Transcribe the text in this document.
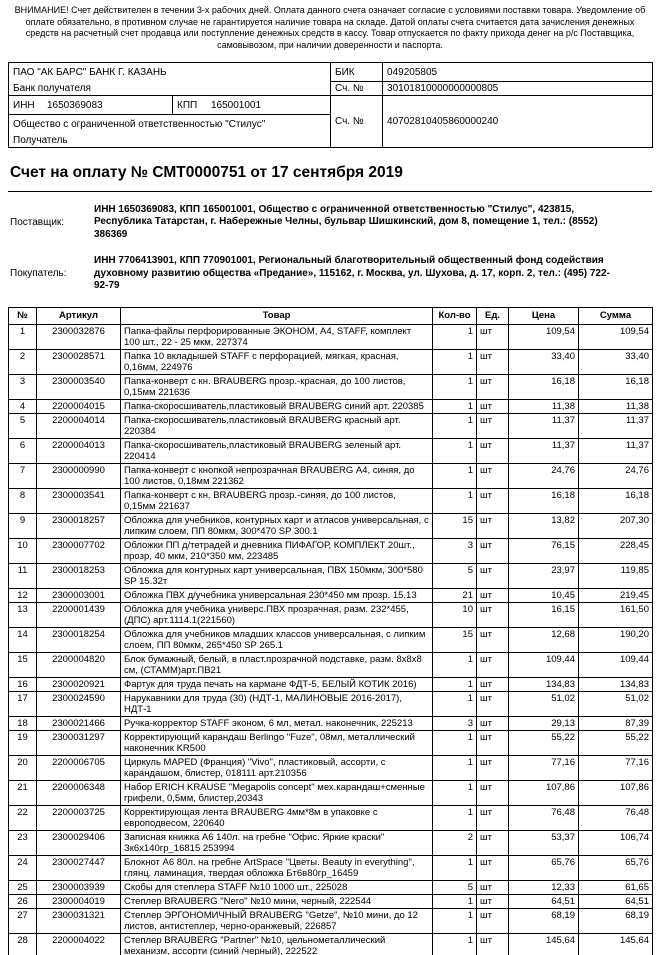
ВНИМАНИЕ! Счет действителен в течении 3-х рабочих дней. Оплата данного счета означает согласие с условиями поставки товара. Уведомление об оплате обязательно, в противном случае не гарантируется наличие товара на складе. Датой оплаты счета считается дата зачисления денежных средств на расчетный счет продавца или поступление денежных средств в кассу. Товар отпускается по факту прихода денег на р/с Поставщика, самовывозом, при наличии доверенности и паспорта.

ПАО "АК БАРС" БАНК Г. КАЗАНЬ		БИК	049205805
Банк получателя		Сч. №	30101810000000000805
ИНН 1650369083	КПП 165001001	Сч. №	40702810405860000240
Общество с ограниченной ответственностью "Стилус"			
Получатель			
Счет на оплату № СМТ0000751 от 17 сентября 2019
Поставщик:
ИНН 1650369083, КПП 165001001, Общество с ограниченной ответственностью "Стилус", 423815, Республика Татарстан, г. Набережные Челны, бульвар Шишкинский, дом 8, помещение 1, тел.: (8552) 386369
Покупатель:
ИНН 7706413901, КПП 770901001, Региональный благотворительный общественный фонд содействия духовному развитию общества «Предание», 115162, г. Москва, ул. Шухова, д. 17, корп. 2, тел.: (495) 722-92-79
№	Артикул	Товар	Кол-во	Ед.	Цена	Сумма
1	2300032876	Папка-файлы перфорированные ЭКОНОМ, А4, STAFF, комплект 100 шт., 22 - 25 мкм, 227374	1	шт	109,54	109,54
2	2300028571	Папка 10 вкладышей STAFF с перфорацией, мягкая, красная, 0,16мм, 224976	1	шт	33,40	33,40
3	2300003540	Папка-конверт с кн. BRAUBERG прозр.-красная, до 100 листов, 0,15мм 221636	1	шт	16,18	16,18
4	2200004015	Папка-скоросшиватель,пластиковый BRAUBERG синий арт. 220385	1	шт	11,38	11,38
5	2200004014	Папка-скоросшиватель,пластиковый BRAUBERG красный арт. 220384	1	шт	11,37	11,37
6	2200004013	Папка-скоросшиватель,пластиковый BRAUBERG зеленый арт. 220414	1	шт	11,37	11,37
7	2300000990	Папка-конверт с кнопкой непрозрачная BRAUBERG А4, синяя, до 100 листов, 0,18мм 221362	1	шт	24,76	24,76
8	2300003541	Папка-конверт с кн. BRAUBERG прозр.-синяя, до 100 листов, 0,15мм 221637	1	шт	16,18	16,18
9	2300018257	Обложка для учебников, контурных карт и атласов универсальная, с липким слоем, ПП 80мкм, 300*470 SP 300.1	15	шт	13,82	207,30
10	2300007702	Обложки ПП д/тетрадей и дневника ПИФАГОР, КОМПЛЕКТ 20шт., прозр, 40 мкм, 210*350 мм, 223485	3	шт	76,15	228,45
11	2300018253	Обложка для контурных карт универсальная, ПВХ 150мкм, 300*580 SP 15.32т	5	шт	23,97	119,85
12	2300003001	Обложка ПВХ д/учебника универсальная 230*450 мм прозр. 15.13	21	шт	10,45	219,45
13	2200001439	Обложка для учебника универс.ПВХ прозрачная, разм. 232*455, (ДПС) арт.1114.1(221560)	10	шт	16,15	161,50
14	2300018254	Обложка для учебников младших классов универсальная, с липким слоем, ПП 80мкм, 265*450 SP 265.1	15	шт	12,68	190,20
15	2200004820	Блок бумажный, белый, в пласт.прозрачной подставке, разм. 8х8х8 см, (СТАММ)арт.ПВ21	1	шт	109,44	109,44
16	2300020921	Фартук для труда печать на кармане ФДТ-5, БЕЛЫЙ КОТИК 2016)	1	шт	134,83	134,83
17	2300024590	Нарукавники для труда (30) (НДТ-1, МАЛИНОВЫЕ 2016-2017), НДТ-1	1	шт	51,02	51,02
18	2300021466	Ручка-корректор STAFF эконом, 6 мл, метал. наконечник, 225213	3	шт	29,13	87,39
19	2300031297	Корректирующий карандаш Berlingo "Fuze", 08мл, металлический наконечник KR500	1	шт	55,22	55,22
20	2200006705	Циркуль MAPED (Франция) "Vivo", пластиковый, ассорти, с карандашом, блистер, 018111 арт.210356	1	шт	77,16	77,16
21	2200006348	Набор ERICH KRAUSE "Megapolis concept" мех.карандаш+сменные грифели, 0,5мм, блистер,20343	1	шт	107,86	107,86
22	2200003725	Корректирующая лента BRAUBERG 4мм*8м в упаковке с европодвесом, 220640	1	шт	76,48	76,48
23	2300029406	Записная книжка А6 140л. на гребне "Офис. Яркие краски" Зк6х140гр_16815 253994	2	шт	53,37	106,74
24	2300027447	Блокнот А6 80л. на гребне ArtSpace "Цветы. Beauty in everything", глянц. ламинация, твердая обложка Бт6в80гр_16459	1	шт	65,76	65,76
25	2300003939	Скобы для степлера STAFF №10 1000 шт., 225028	5	шт	12,33	61,65
26	2300004019	Степлер BRAUBERG "Nero" №10 мини, черный, 222544	1	шт	64,51	64,51
27	2300031321	Степлер ЭРГОНОМИЧНЫЙ BRAUBERG "Getze", №10 мини, до 12 листов, антистеплер, черно-оранжевый, 226857	1	шт	68,19	68,19
28	2200004022	Степлер BRAUBERG "Partner" №10, цельнометаллический механизм, ассорти (синий /черный), 222522	1	шт	145,64	145,64
